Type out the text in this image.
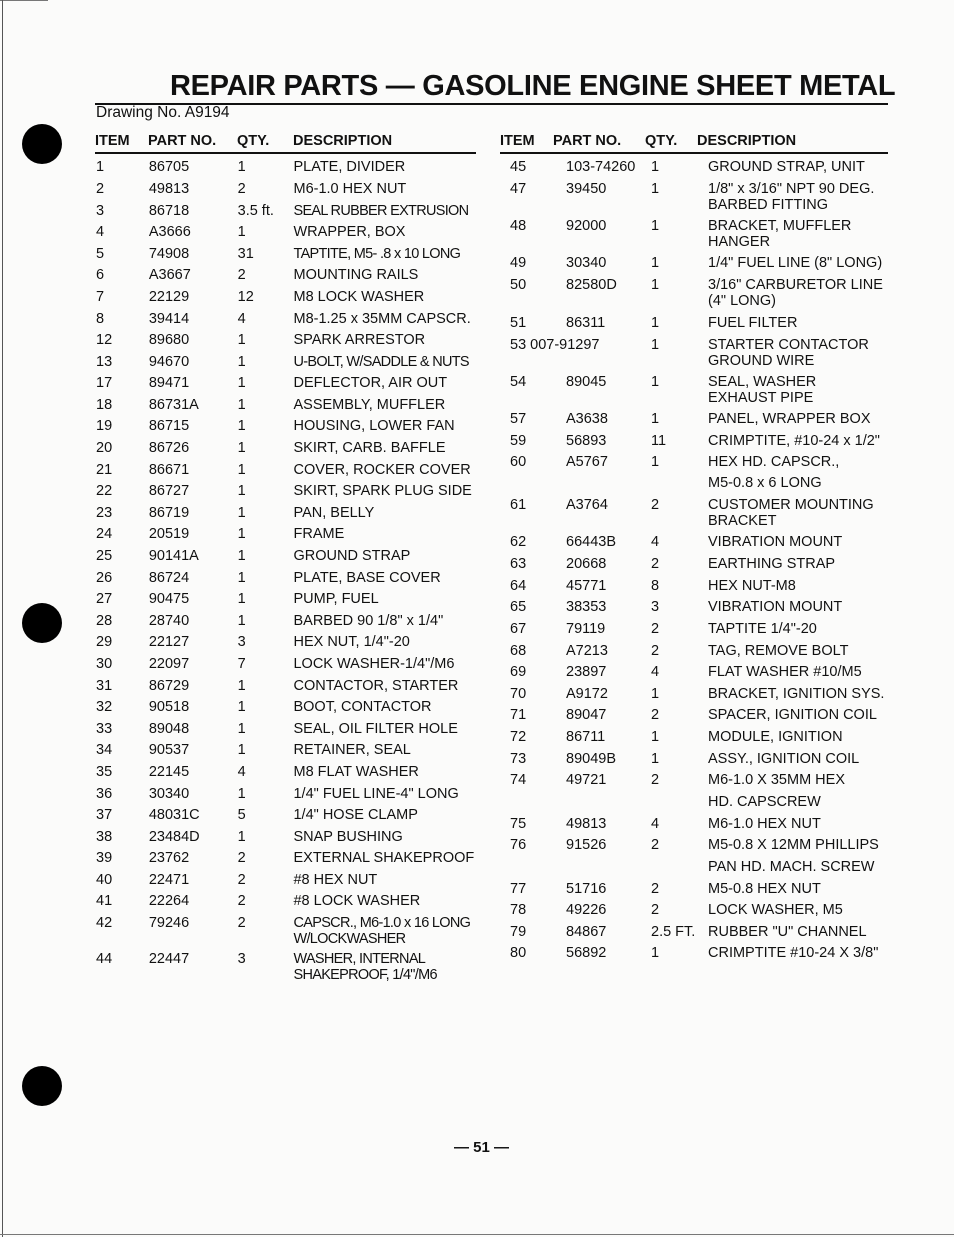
REPAIR PARTS — GASOLINE ENGINE SHEET METAL
Drawing No. A9194
ITEM	PART NO.	QTY.	DESCRIPTION
1	86705	1	PLATE, DIVIDER
2	49813	2	M6-1.0 HEX NUT
3	86718	3.5 ft.	SEAL RUBBER EXTRUSION
4	A3666	1	WRAPPER, BOX
5	74908	31	TAPTITE, M5- .8 x 10 LONG
6	A3667	2	MOUNTING RAILS
7	22129	12	M8 LOCK WASHER
8	39414	4	M8-1.25 x 35MM CAPSCR.
12	89680	1	SPARK ARRESTOR
13	94670	1	U-BOLT, W/SADDLE & NUTS
17	89471	1	DEFLECTOR, AIR OUT
18	86731A	1	ASSEMBLY, MUFFLER
19	86715	1	HOUSING, LOWER FAN
20	86726	1	SKIRT, CARB. BAFFLE
21	86671	1	COVER, ROCKER COVER
22	86727	1	SKIRT, SPARK PLUG SIDE
23	86719	1	PAN, BELLY
24	20519	1	FRAME
25	90141A	1	GROUND STRAP
26	86724	1	PLATE, BASE COVER
27	90475	1	PUMP, FUEL
28	28740	1	BARBED 90 1/8" x 1/4"
29	22127	3	HEX NUT, 1/4"-20
30	22097	7	LOCK WASHER-1/4"/M6
31	86729	1	CONTACTOR, STARTER
32	90518	1	BOOT, CONTACTOR
33	89048	1	SEAL, OIL FILTER HOLE
34	90537	1	RETAINER, SEAL
35	22145	4	M8 FLAT WASHER
36	30340	1	1/4" FUEL LINE-4" LONG
37	48031C	5	1/4" HOSE CLAMP
38	23484D	1	SNAP BUSHING
39	23762	2	EXTERNAL SHAKEPROOF
40	22471	2	#8 HEX NUT
41	22264	2	#8 LOCK WASHER
42	79246	2	CAPSCR., M6-1.0 x 16 LONG W/LOCKWASHER
44	22447	3	WASHER, INTERNAL SHAKEPROOF, 1/4"/M6
ITEM	PART NO.	QTY.	DESCRIPTION
45	103-74260	1	GROUND STRAP, UNIT
47	39450	1	1/8" x 3/16" NPT 90 DEG. BARBED FITTING
48	92000	1	BRACKET, MUFFLER HANGER
49	30340	1	1/4" FUEL LINE (8" LONG)
50	82580D	1	3/16" CARBURETOR LINE (4" LONG)
51	86311	1	FUEL FILTER
53 007-91297	1	STARTER CONTACTOR GROUND WIRE
54	89045	1	SEAL, WASHER EXHAUST PIPE
57	A3638	1	PANEL, WRAPPER BOX
59	56893	11	CRIMPTITE, #10-24 x 1/2"
60	A5767	1	HEX HD. CAPSCR.,
M5-0.8 x 6 LONG
61	A3764	2	CUSTOMER MOUNTING BRACKET
62	66443B	4	VIBRATION MOUNT
63	20668	2	EARTHING STRAP
64	45771	8	HEX NUT-M8
65	38353	3	VIBRATION MOUNT
67	79119	2	TAPTITE 1/4"-20
68	A7213	2	TAG, REMOVE BOLT
69	23897	4	FLAT WASHER #10/M5
70	A9172	1	BRACKET, IGNITION SYS.
71	89047	2	SPACER, IGNITION COIL
72	86711	1	MODULE, IGNITION
73	89049B	1	ASSY., IGNITION COIL
74	49721	2	M6-1.0 X 35MM HEX
HD. CAPSCREW
75	49813	4	M6-1.0 HEX NUT
76	91526	2	M5-0.8 X 12MM PHILLIPS
PAN HD. MACH. SCREW
77	51716	2	M5-0.8 HEX NUT
78	49226	2	LOCK WASHER, M5
79	84867	2.5 FT. RUBBER "U" CHANNEL
80	56892	1	CRIMPTITE #10-24 X 3/8"
— 51 —
